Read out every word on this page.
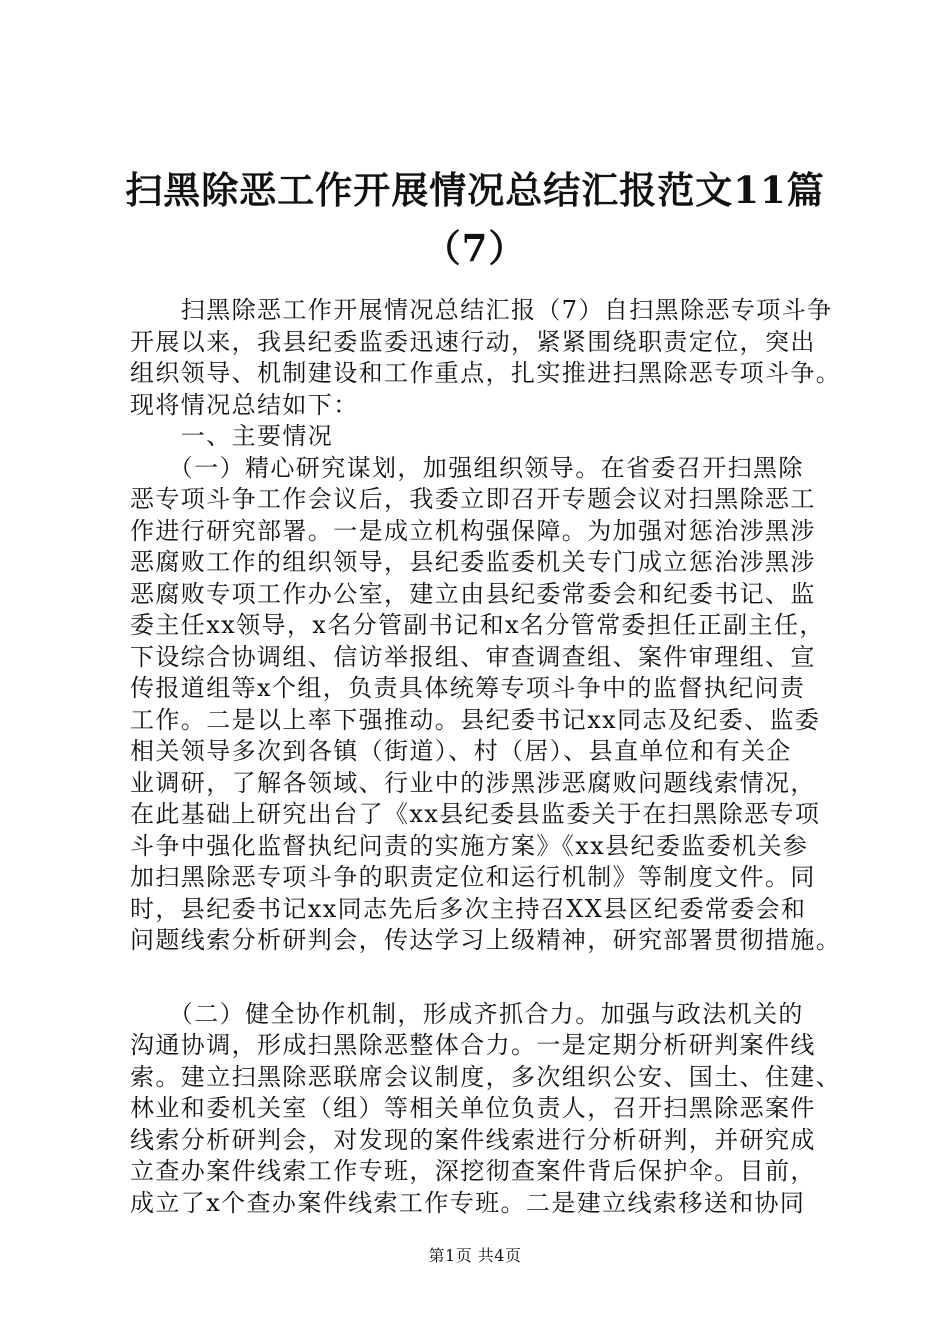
扫黑除恶工作开展情况总结汇报范文11篇
（7）
　　扫黑除恶工作开展情况总结汇报（7）自扫黑除恶专项斗争
开展以来，我县纪委监委迅速行动，紧紧围绕职责定位，突出
组织领导、机制建设和工作重点，扎实推进扫黑除恶专项斗争。
现将情况总结如下：
　　一、主要情况
　　（一）精心研究谋划，加强组织领导。在省委召开扫黑除
恶专项斗争工作会议后，我委立即召开专题会议对扫黑除恶工
作进行研究部署。一是成立机构强保障。为加强对惩治涉黑涉
恶腐败工作的组织领导，县纪委监委机关专门成立惩治涉黑涉
恶腐败专项工作办公室，建立由县纪委常委会和纪委书记、监
委主任xx领导，x名分管副书记和x名分管常委担任正副主任，
下设综合协调组、信访举报组、审查调查组、案件审理组、宣
传报道组等x个组，负责具体统筹专项斗争中的监督执纪问责
工作。二是以上率下强推动。县纪委书记xx同志及纪委、监委
相关领导多次到各镇（街道）、村（居）、县直单位和有关企
业调研，了解各领域、行业中的涉黑涉恶腐败问题线索情况，
在此基础上研究出台了《xx县纪委县监委关于在扫黑除恶专项
斗争中强化监督执纪问责的实施方案》《xx县纪委监委机关参
加扫黑除恶专项斗争的职责定位和运行机制》等制度文件。同
时，县纪委书记xx同志先后多次主持召XX县区纪委常委会和
问题线索分析研判会，传达学习上级精神，研究部署贯彻措施。
　　（二）健全协作机制，形成齐抓合力。加强与政法机关的
沟通协调，形成扫黑除恶整体合力。一是定期分析研判案件线
索。建立扫黑除恶联席会议制度，多次组织公安、国土、住建、
林业和委机关室（组）等相关单位负责人，召开扫黑除恶案件
线索分析研判会，对发现的案件线索进行分析研判，并研究成
立查办案件线索工作专班，深挖彻查案件背后保护伞。目前，
成立了x个查办案件线索工作专班。二是建立线索移送和协同
第1页 共4页
